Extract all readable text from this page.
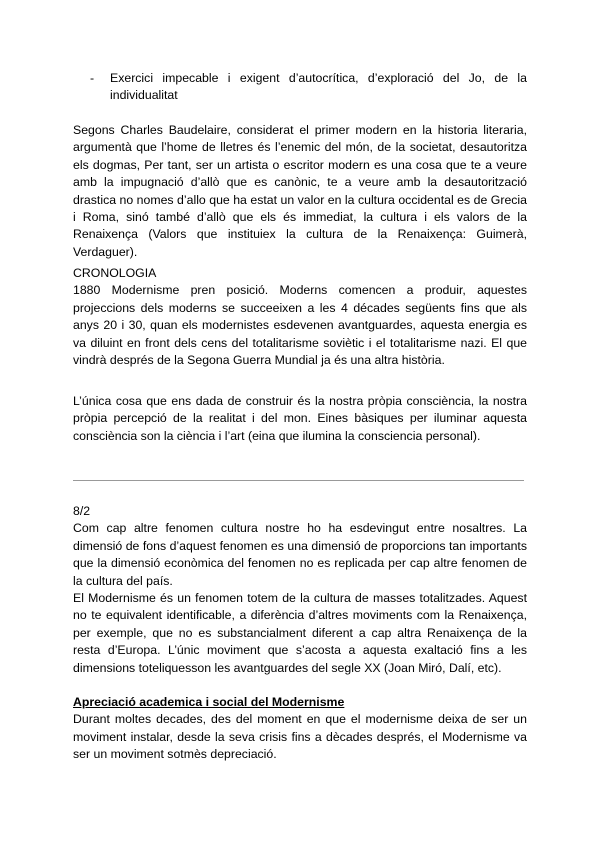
- Exercici impecable i exigent d’autocrítica, d’exploració del Jo, de la individualitat

Segons Charles Baudelaire, considerat el primer modern en la historia literaria, argumentà que l’home de lletres és l’enemic del món, de la societat, desautoritza els dogmas, Per tant, ser un artista o escritor modern es una cosa que te a veure amb la impugnació d’allò que es canònic, te a veure amb la desautorització drastica no nomes d’allo que ha estat un valor en la cultura occidental es de Grecia i Roma, sinó també d’allò que els és immediat, la cultura i els valors de la Renaixença (Valors que instituiex la cultura de la Renaixença: Guimerà, Verdaguer).

CRONOLOGIA

1880 Modernisme pren posició. Moderns comencen a produir, aquestes projeccions dels moderns se succeeixen a les 4 décades següents fins que als anys 20 i 30, quan els modernistes esdevenen avantguardes, aquesta energia es va diluint en front dels cens del totalitarisme soviètic i el totalitarisme nazi. El que vindrà després de la Segona Guerra Mundial ja és una altra història.

L’única cosa que ens dada de construir és la nostra pròpia consciència, la nostra pròpia percepció de la realitat i del mon. Eines bàsiques per iluminar aquesta consciència son la ciència i l’art (eina que ilumina la consciencia personal).

8/2

Com cap altre fenomen cultura nostre ho ha esdevingut entre nosaltres. La dimensió de fons d’aquest fenomen es una dimensió de proporcions tan importants que la dimensió econòmica del fenomen no es replicada per cap altre fenomen de la cultura del país.

El Modernisme és un fenomen totem de la cultura de masses totalitzades. Aquest no te equivalent identificable, a diferència d’altres moviments com la Renaixença, per exemple, que no es substancialment diferent a cap altra Renaixença de la resta d’Europa. L’únic moviment que s’acosta a aquesta exaltació fins a les dimensions toteliquesson les avantguardes del segle XX (Joan Miró, Dalí, etc).

Apreciació academica i social del Modernisme

Durant moltes decades, des del moment en que el modernisme deixa de ser un moviment instalar, desde la seva crisis fins a dècades després, el Modernisme va ser un moviment sotmès depreciació.
